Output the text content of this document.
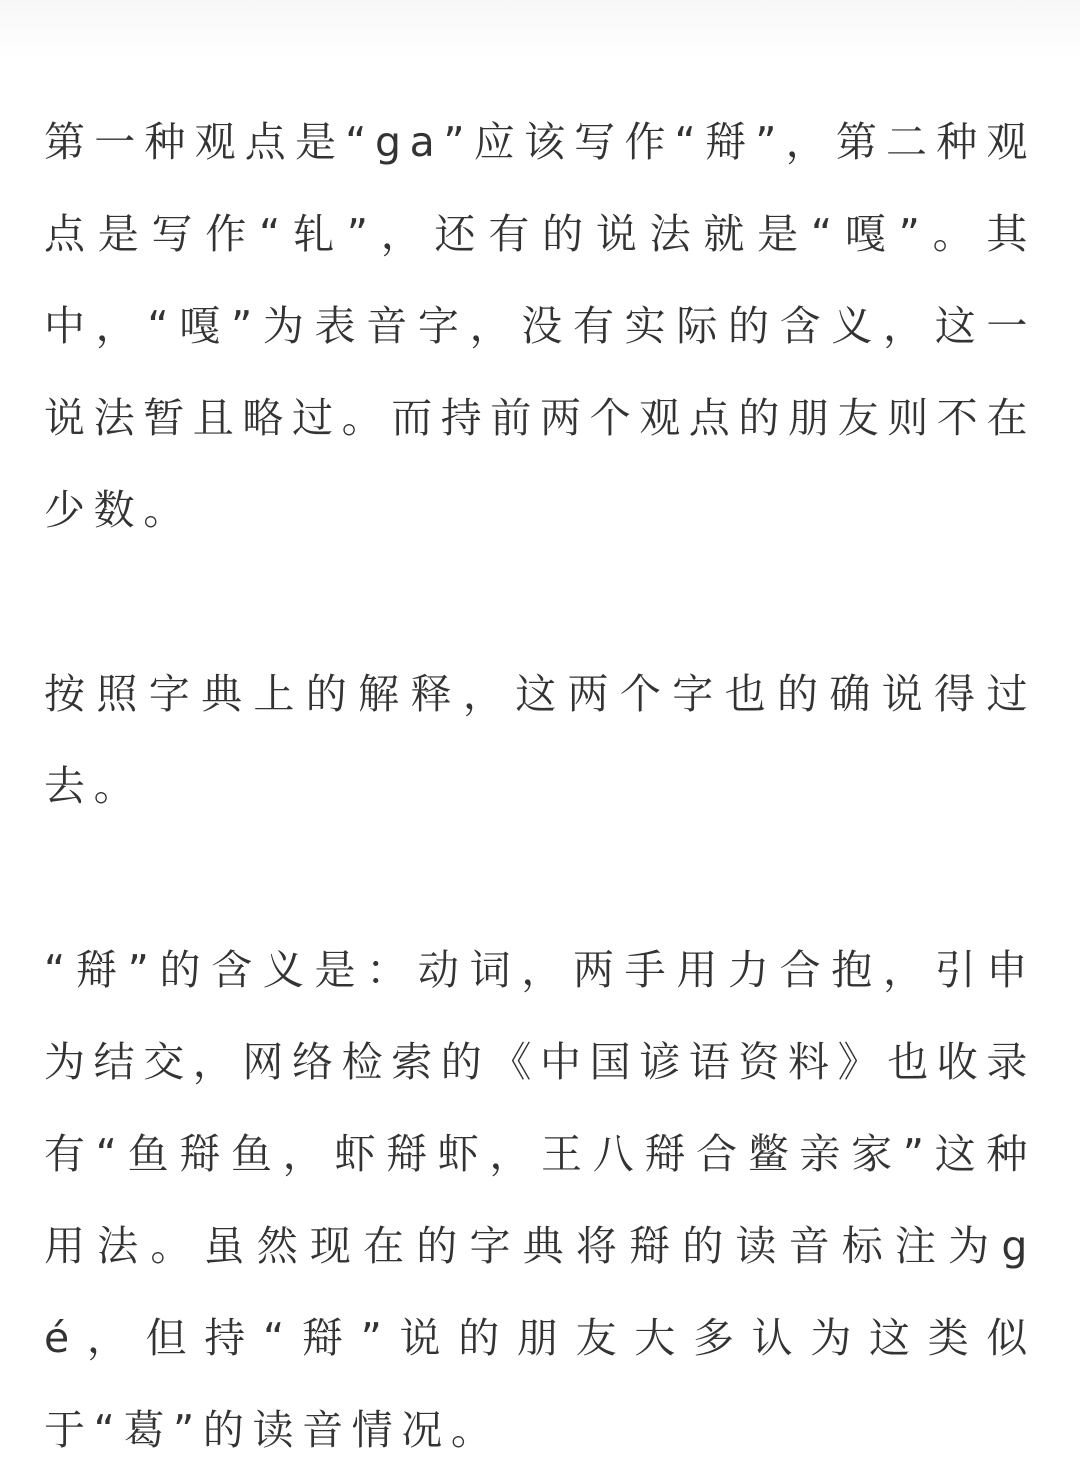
第一种观点是“ga”应该写作“搿”，第二种观点是写作“轧”，还有的说法就是“嘎”。其中，“嘎”为表音字，没有实际的含义，这一说法暂且略过。而持前两个观点的朋友则不在少数。

按照字典上的解释，这两个字也的确说得过去。

“搿”的含义是：动词，两手用力合抱，引申为结交，网络检索的《中国谚语资料》也收录有“鱼搿鱼，虾搿虾，王八搿合鳖亲家”这种用法。虽然现在的字典将搿的读音标注为gé，但持“搿”说的朋友大多认为这类似于“葛”的读音情况。
